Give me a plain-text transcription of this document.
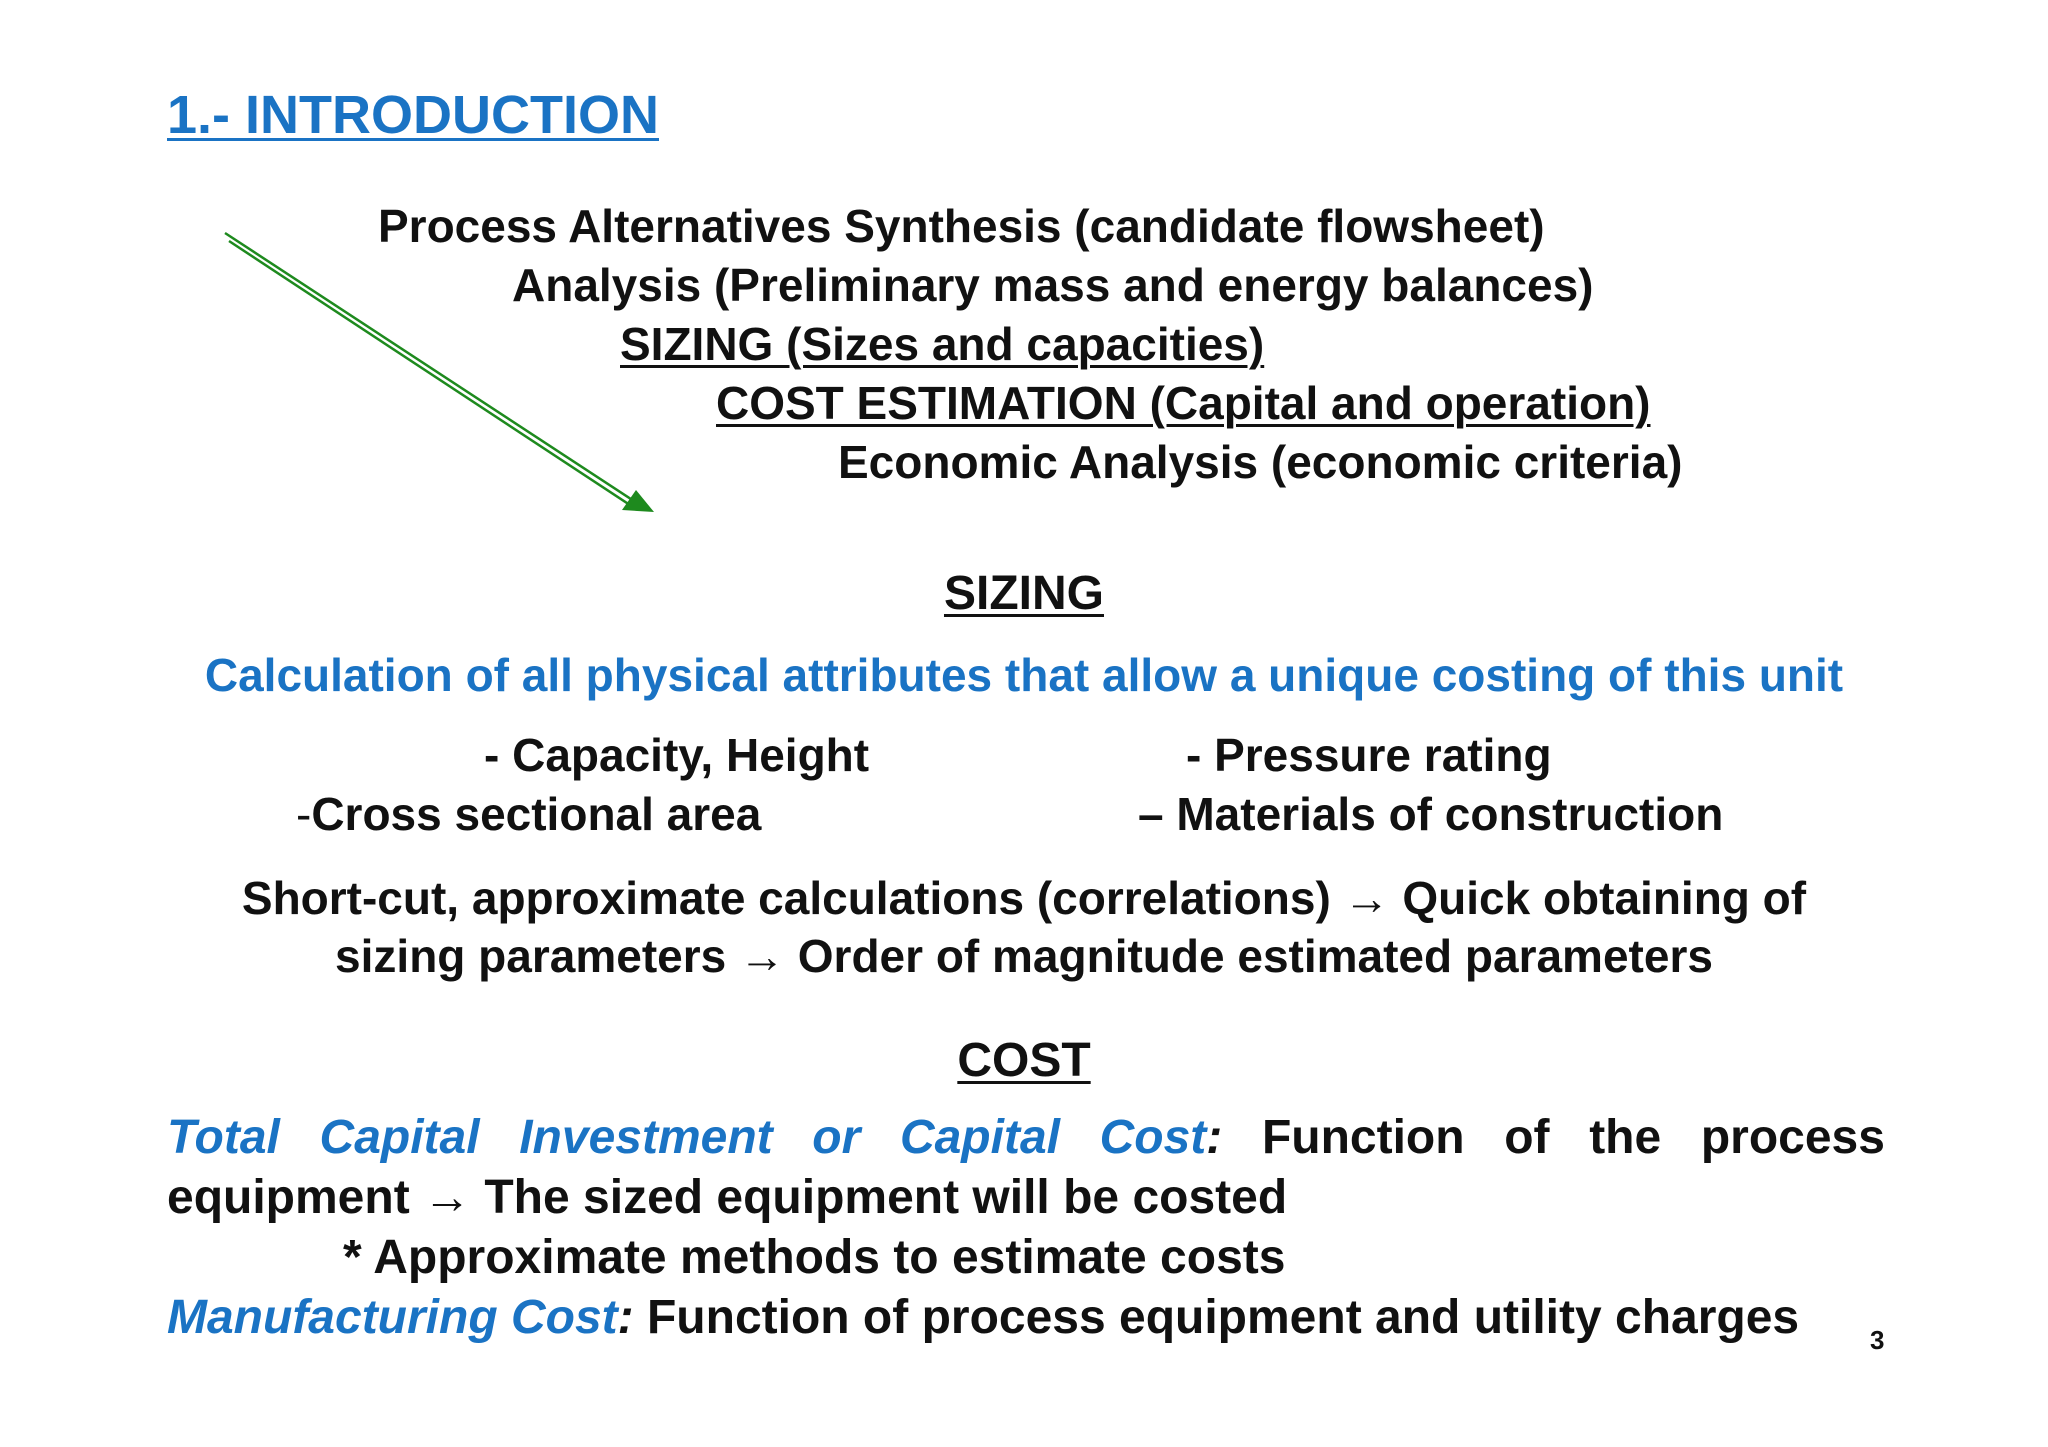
1.- INTRODUCTION
Process Alternatives Synthesis (candidate flowsheet)
Analysis (Preliminary mass and energy balances)
SIZING (Sizes and capacities)
COST ESTIMATION (Capital and operation)
Economic Analysis (economic criteria)
SIZING
Calculation of all physical attributes that allow a unique costing of this unit
- Capacity, Height	- Pressure rating
-Cross sectional area	– Materials of construction
Short-cut, approximate calculations (correlations) → Quick obtaining of
sizing parameters → Order of magnitude estimated parameters
COST
Total Capital Investment or Capital Cost: Function of the process
equipment → The sized equipment will be costed
* Approximate methods to estimate costs
Manufacturing Cost: Function of process equipment and utility charges	3
